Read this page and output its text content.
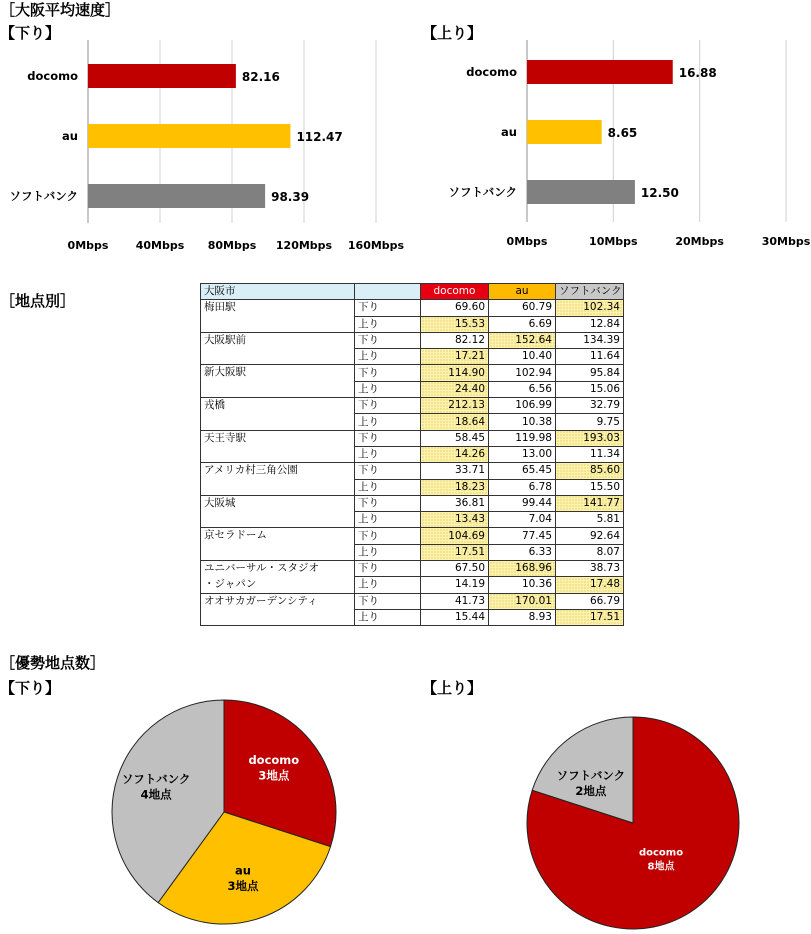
［大阪平均速度］
【下り】	【上り】
［地点別］
［優勢地点数］
【下り】	【上り】
0Mbps 40Mbps 80Mbps 120Mbps 160Mbps
docomo	82.16
au	112.47
ソフトバンク	98.39
0Mbps	10Mbps	20Mbps	30Mbps
docomo	16.88
au	8.65
ソフトバンク	12.50
docomo
3地点
au
3地点
ソフトバンク
4地点
docomo
8地点
ソフトバンク
2地点
大阪市		docomo	au	ソフトバンク

梅田駅	下り	69.60	60.79	102.34
	上り	15.53	6.69	12.84

大阪駅前	下り	82.12	152.64	134.39
	上り	17.21	10.40	11.64

新大阪駅	下り	114.90	102.94	95.84
	上り	24.40	6.56	15.06

戎橋	下り	212.13	106.99	32.79
	上り	18.64	10.38	9.75

天王寺駅	下り	58.45	119.98	193.03
	上り	14.26	13.00	11.34

アメリカ村三角公園	下り	33.71	65.45	85.60
	上り	18.23	6.78	15.50

大阪城	下り	36.81	99.44	141.77
	上り	13.43	7.04	5.81

京セラドーム	下り	104.69	77.45	92.64
	上り	17.51	6.33	8.07

ユニバーサル・スタジオ
・ジャパン	下り	67.50	168.96	38.73
	上り	14.19	10.36	17.48

オオサカガーデンシティ	下り	41.73	170.01	66.79
	上り	15.44	8.93	17.51
